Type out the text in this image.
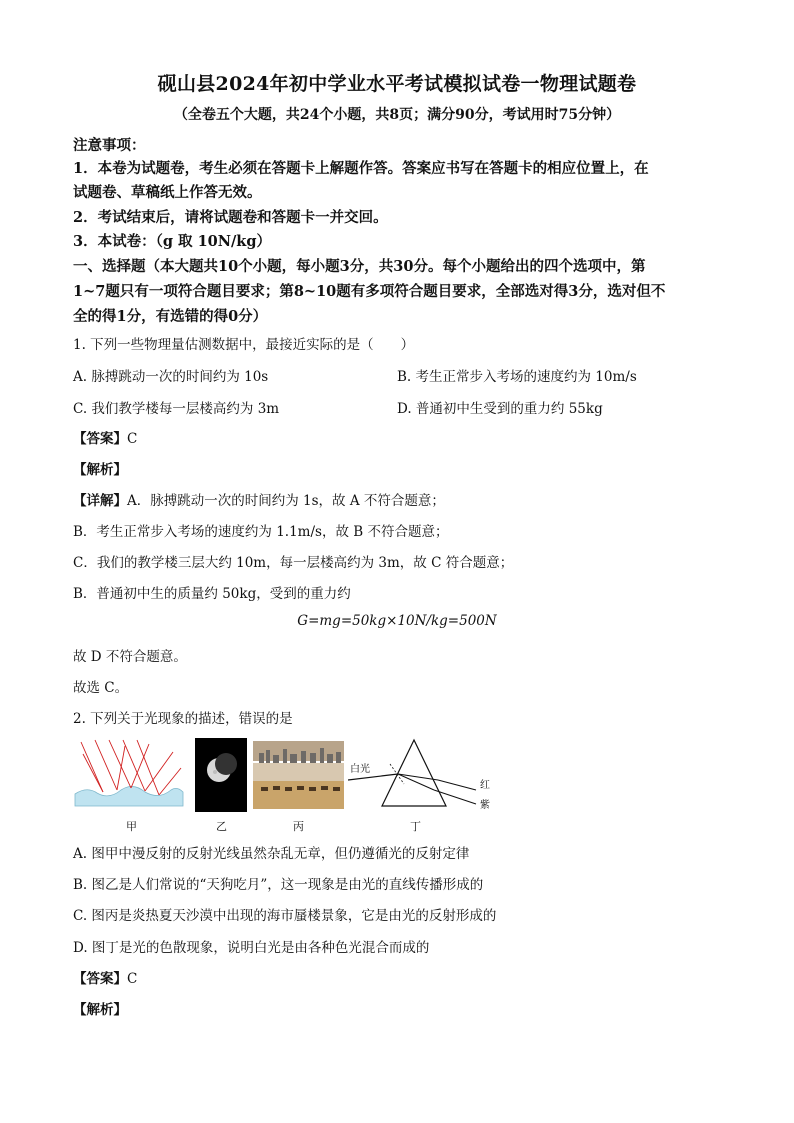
砚山县2024年初中学业水平考试模拟试卷一物理试题卷
（全卷五个大题，共24个小题，共8页；满分90分，考试用时75分钟）
注意事项：
1．本卷为试题卷，考生必须在答题卡上解题作答。答案应书写在答题卡的相应位置上，在
试题卷、草稿纸上作答无效。
2．考试结束后，请将试题卷和答题卡一并交回。
3．本试卷：（g 取 10N/kg）
一、选择题（本大题共10个小题，每小题3分，共30分。每个小题给出的四个选项中，第
1~7题只有一项符合题目要求；第8~10题有多项符合题目要求，全部选对得3分，选对但不
全的得1分，有选错的得0分）
1. 下列一些物理量估测数据中，最接近实际的是（　　）
A. 脉搏跳动一次的时间约为 10s	B. 考生正常步入考场的速度约为 10m/s
C. 我们教学楼每一层楼高约为 3m	D. 普通初中生受到的重力约 55kg
【答案】C
【解析】
【详解】A．脉搏跳动一次的时间约为 1s，故 A 不符合题意；
B．考生正常步入考场的速度约为 1.1m/s，故 B 不符合题意；
C．我们的教学楼三层大约 10m，每一层楼高约为 3m，故 C 符合题意；
B．普通初中生的质量约 50kg，受到的重力约
G=mg=50kg×10N/kg=500N
故 D 不符合题意。
故选 C。
2. 下列关于光现象的描述，错误的是
白光
红
紫
甲	乙	丙	丁
A. 图甲中漫反射的反射光线虽然杂乱无章，但仍遵循光的反射定律
B. 图乙是人们常说的“天狗吃月”，这一现象是由光的直线传播形成的
C. 图丙是炎热夏天沙漠中出现的海市蜃楼景象，它是由光的反射形成的
D. 图丁是光的色散现象，说明白光是由各种色光混合而成的
【答案】C
【解析】
